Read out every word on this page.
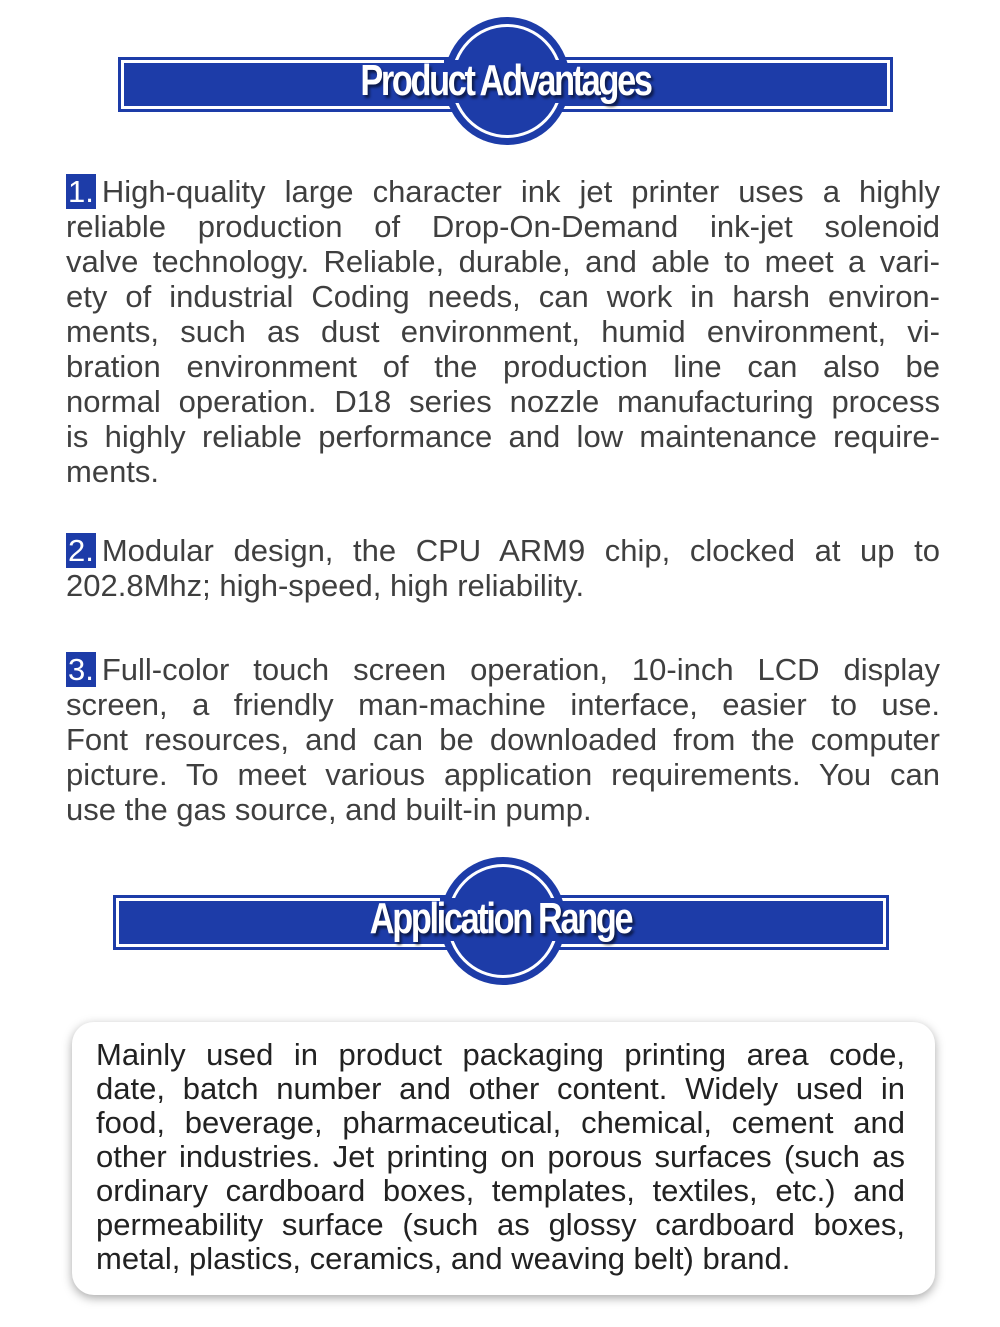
Product Advantages
1. High-quality large character ink jet printer uses a highly
reliable production of Drop-On-Demand ink-jet solenoid
valve technology. Reliable, durable, and able to meet a vari-
ety of industrial Coding needs, can work in harsh environ-
ments, such as dust environment, humid environment, vi-
bration environment of the production line can also be
normal operation. D18 series nozzle manufacturing process
is highly reliable performance and low maintenance require-
ments.
2. Modular design, the CPU ARM9 chip, clocked at up to
202.8Mhz; high-speed, high reliability.
3. Full-color touch screen operation, 10-inch LCD display
screen, a friendly man-machine interface, easier to use.
Font resources, and can be downloaded from the computer
picture. To meet various application requirements. You can
use the gas source, and built-in pump.
Application Range
Mainly used in product packaging printing area code,
date, batch number and other content. Widely used in
food, beverage, pharmaceutical, chemical, cement and
other industries. Jet printing on porous surfaces (such as
ordinary cardboard boxes, templates, textiles, etc.) and
permeability surface (such as glossy cardboard boxes,
metal, plastics, ceramics, and weaving belt) brand.
